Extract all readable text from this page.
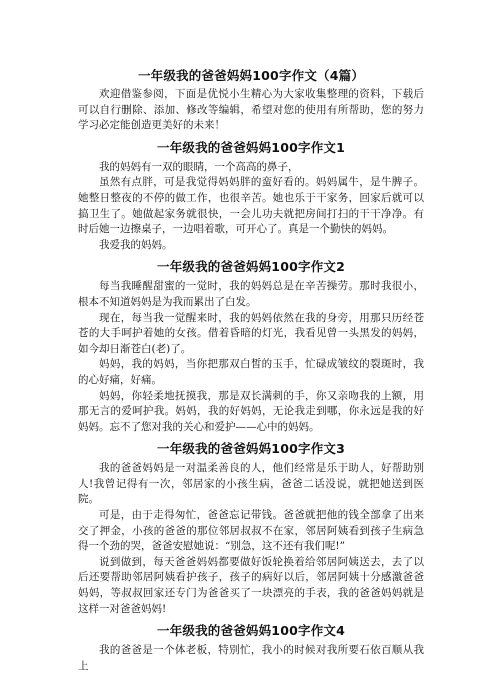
一年级我的爸爸妈妈100字作文（4篇）

欢迎借鉴参阅，下面是优悦小生精心为大家收集整理的资料，下载后可以自行删除、添加、修改等编辑，希望对您的使用有所帮助，您的努力学习必定能创造更美好的未来！

一年级我的爸爸妈妈100字作文1

我的妈妈有一双的眼睛，一个高高的鼻子，

虽然有点胖，可是我觉得妈妈胖的蛮好看的。妈妈属牛，是牛脾子。她整日整夜的不停的做工作，也很辛苦。她也乐于干家务，回家后就可以搞卫生了。她做起家务就很快，一会儿功夫就把房间打扫的干干净净。有时后她一边擦桌子，一边唱着歌，可开心了。真是一个勤快的妈妈。

我爱我的妈妈。

一年级我的爸爸妈妈100字作文2

每当我睡醒甜蜜的一觉时，我的妈妈总是在辛苦操劳。那时我很小，根本不知道妈妈是为我而累出了白发。

现在，每当我一觉醒来时，我的妈妈依然在我的身旁，用那只历经苍苍的大手呵护着她的女孩。借着昏暗的灯光，我看见曾一头黑发的妈妈，如今却日渐苍白(老)了。

妈妈，我的妈妈，当你把那双白皙的玉手，忙碌成皱纹的裂斑时，我的心好痛，好痛。

妈妈，你轻柔地抚摸我，那是双长满刺的手，你又亲吻我的上额，用那无言的爱呵护我。妈妈，我的好妈妈，无论我走到哪，你永远是我的好妈妈。忘不了您对我的关心和爱护——心中的妈妈。

一年级我的爸爸妈妈100字作文3

我的爸爸妈妈是一对温柔善良的人，他们经常是乐于助人，好帮助别人!我曾记得有一次，邻居家的小孩生病，爸爸二话没说，就把她送到医院。

可是，由于走得匆忙，爸爸忘记带钱。爸爸就把他的钱全部拿了出来交了押金，小孩的爸爸的那位邻居叔叔不在家，邻居阿姨看到孩子生病急得一个劲的哭，爸爸安慰她说：“别急，这不还有我们呢!”

说到做到，每天爸爸妈妈都要做好饭轮换着给邻居阿姨送去，去了以后还要帮助邻居阿姨看护孩子，孩子的病好以后，邻居阿姨十分感激爸爸妈妈，等叔叔回家还专门为爸爸买了一块漂亮的手表，我的爸爸妈妈就是这样一对爸爸妈妈!

一年级我的爸爸妈妈100字作文4

我的爸爸是一个体老板，特别忙，我小的时候对我所要石依百顺从我上
